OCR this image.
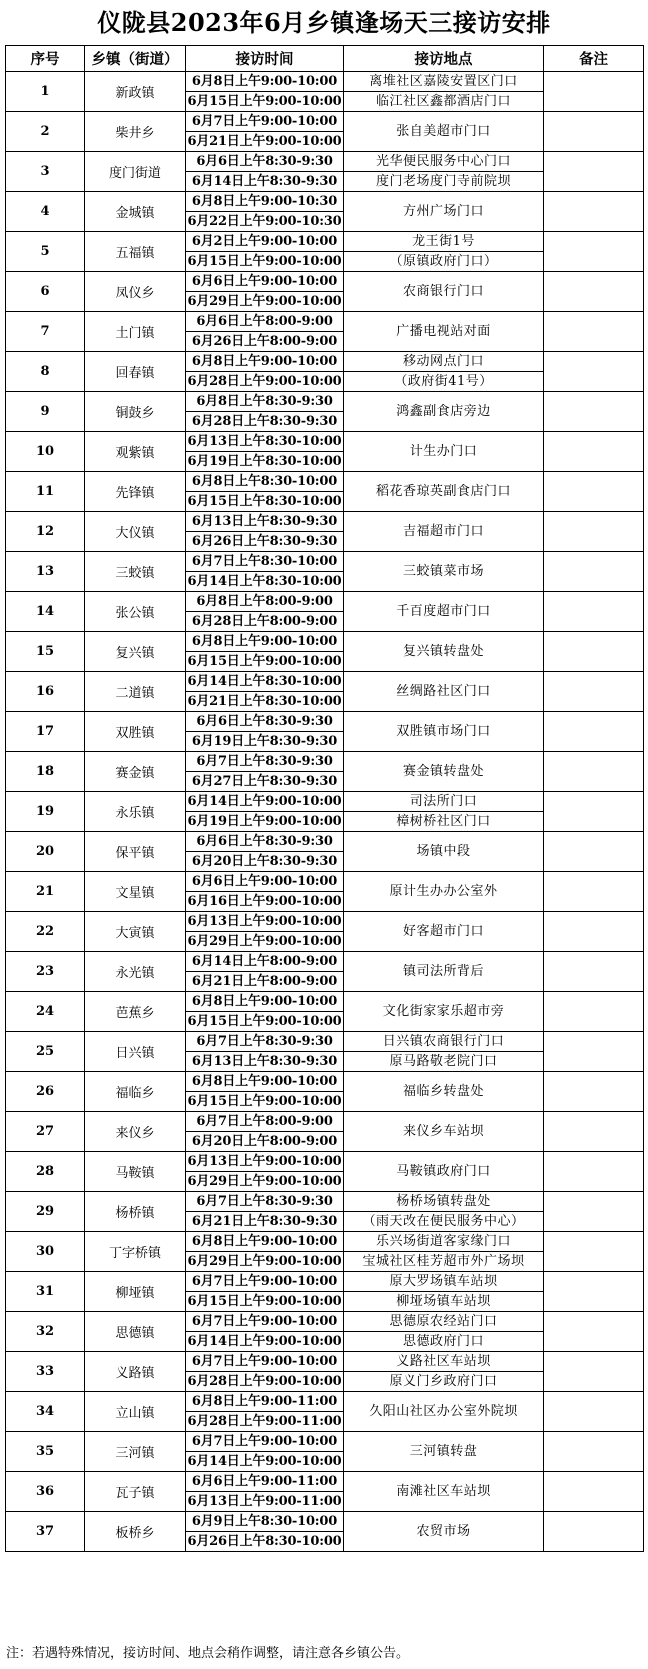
仪陇县2023年6月乡镇逢场天三接访安排
序号	乡镇（街道）	接访时间	接访地点	备注
1	新政镇	6月8日上午9:00-10:00	离堆社区嘉陵安置区门口	
		6月15日上午9:00-10:00	临江社区鑫都酒店门口	
2	柴井乡	6月7日上午9:00-10:00	张自美超市门口	
		6月21日上午9:00-10:00		
3	度门街道	6月6日上午8:30-9:30	光华便民服务中心门口	
		6月14日上午8:30-9:30	度门老场度门寺前院坝	
4	金城镇	6月8日上午9:00-10:30	方州广场门口	
		6月22日上午9:00-10:30		
5	五福镇	6月2日上午9:00-10:00	龙王街1号	
		6月15日上午9:00-10:00	（原镇政府门口）	
6	凤仪乡	6月6日上午9:00-10:00	农商银行门口	
		6月29日上午9:00-10:00		
7	土门镇	6月6日上午8:00-9:00	广播电视站对面	
		6月26日上午8:00-9:00		
8	回春镇	6月8日上午9:00-10:00	移动网点门口	
		6月28日上午9:00-10:00	（政府街41号）	
9	铜鼓乡	6月8日上午8:30-9:30	鸿鑫副食店旁边	
		6月28日上午8:30-9:30		
10	观紫镇	6月13日上午8:30-10:00	计生办门口	
		6月19日上午8:30-10:00		
11	先锋镇	6月8日上午8:30-10:00	稻花香琼英副食店门口	
		6月15日上午8:30-10:00		
12	大仪镇	6月13日上午8:30-9:30	吉福超市门口	
		6月26日上午8:30-9:30		
13	三蛟镇	6月7日上午8:30-10:00	三蛟镇菜市场	
		6月14日上午8:30-10:00		
14	张公镇	6月8日上午8:00-9:00	千百度超市门口	
		6月28日上午8:00-9:00		
15	复兴镇	6月8日上午9:00-10:00	复兴镇转盘处	
		6月15日上午9:00-10:00		
16	二道镇	6月14日上午8:30-10:00	丝绸路社区门口	
		6月21日上午8:30-10:00		
17	双胜镇	6月6日上午8:30-9:30	双胜镇市场门口	
		6月19日上午8:30-9:30		
18	赛金镇	6月7日上午8:30-9:30	赛金镇转盘处	
		6月27日上午8:30-9:30		
19	永乐镇	6月14日上午9:00-10:00	司法所门口	
		6月19日上午9:00-10:00	樟树桥社区门口	
20	保平镇	6月6日上午8:30-9:30	场镇中段	
		6月20日上午8:30-9:30		
21	文星镇	6月6日上午9:00-10:00	原计生办办公室外	
		6月16日上午9:00-10:00		
22	大寅镇	6月13日上午9:00-10:00	好客超市门口	
		6月29日上午9:00-10:00		
23	永光镇	6月14日上午8:00-9:00	镇司法所背后	
		6月21日上午8:00-9:00		
24	芭蕉乡	6月8日上午9:00-10:00	文化街家家乐超市旁	
		6月15日上午9:00-10:00		
25	日兴镇	6月7日上午8:30-9:30	日兴镇农商银行门口	
		6月13日上午8:30-9:30	原马路敬老院门口	
26	福临乡	6月8日上午9:00-10:00	福临乡转盘处	
		6月15日上午9:00-10:00		
27	来仪乡	6月7日上午8:00-9:00	来仪乡车站坝	
		6月20日上午8:00-9:00		
28	马鞍镇	6月13日上午9:00-10:00	马鞍镇政府门口	
		6月29日上午9:00-10:00		
29	杨桥镇	6月7日上午8:30-9:30	杨桥场镇转盘处	
		6月21日上午8:30-9:30	（雨天改在便民服务中心）	
30	丁字桥镇	6月8日上午9:00-10:00	乐兴场街道客家缘门口	
		6月29日上午9:00-10:00	宝城社区桂芳超市外广场坝	
31	柳垭镇	6月7日上午9:00-10:00	原大罗场镇车站坝	
		6月15日上午9:00-10:00	柳垭场镇车站坝	
32	思德镇	6月7日上午9:00-10:00	思德原农经站门口	
		6月14日上午9:00-10:00	思德政府门口	
33	义路镇	6月7日上午9:00-10:00	义路社区车站坝	
		6月28日上午9:00-10:00	原义门乡政府门口	
34	立山镇	6月8日上午9:00-11:00	久阳山社区办公室外院坝	
		6月28日上午9:00-11:00		
35	三河镇	6月7日上午9:00-10:00	三河镇转盘	
		6月14日上午9:00-10:00		
36	瓦子镇	6月6日上午9:00-11:00	南滩社区车站坝	
		6月13日上午9:00-11:00		
37	板桥乡	6月9日上午8:30-10:00	农贸市场	
		6月26日上午8:30-10:00		
注：若遇特殊情况，接访时间、地点会稍作调整，请注意各乡镇公告。
